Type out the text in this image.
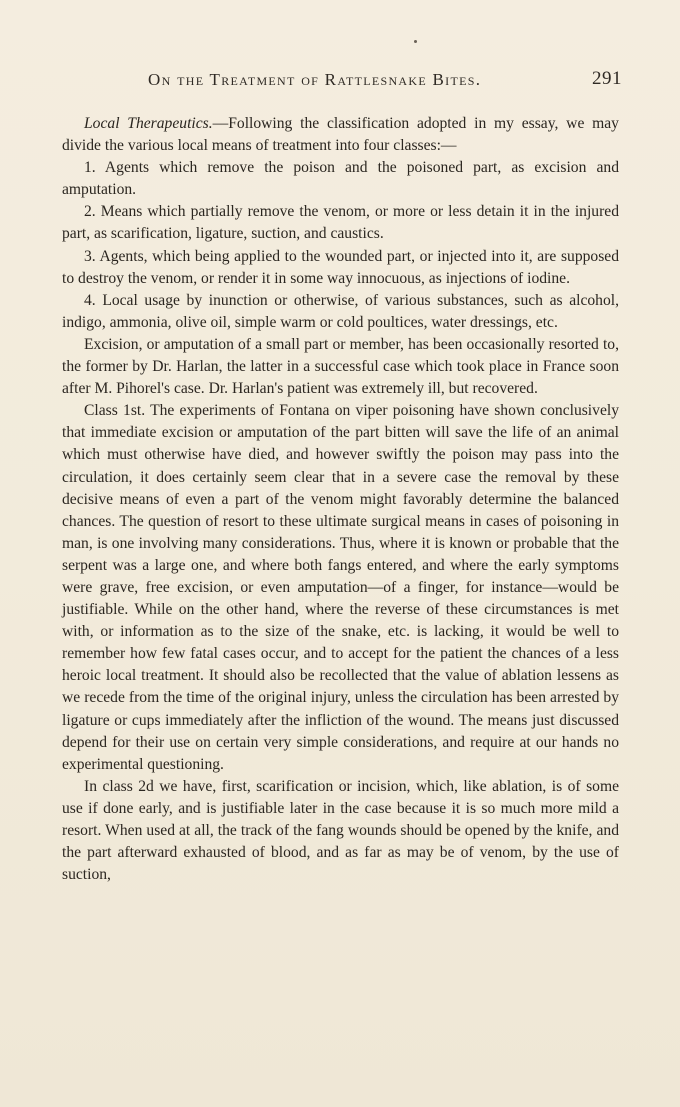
On the Treatment of Rattlesnake Bites.	291

Local Therapeutics.—Following the classification adopted in my essay, we may divide the various local means of treatment into four classes:—

1. Agents which remove the poison and the poisoned part, as excision and amputation.

2. Means which partially remove the venom, or more or less detain it in the injured part, as scarification, ligature, suction, and caustics.

3. Agents, which being applied to the wounded part, or injected into it, are supposed to destroy the venom, or render it in some way innocuous, as injections of iodine.

4. Local usage by inunction or otherwise, of various substances, such as alcohol, indigo, ammonia, olive oil, simple warm or cold poultices, water dressings, etc.

Excision, or amputation of a small part or member, has been occasionally resorted to, the former by Dr. Harlan, the latter in a successful case which took place in France soon after M. Pihorel's case. Dr. Harlan's patient was extremely ill, but recovered.

Class 1st. The experiments of Fontana on viper poisoning have shown conclusively that immediate excision or amputation of the part bitten will save the life of an animal which must otherwise have died, and however swiftly the poison may pass into the circulation, it does certainly seem clear that in a severe case the removal by these decisive means of even a part of the venom might favorably determine the balanced chances. The question of resort to these ultimate surgical means in cases of poisoning in man, is one involving many considerations. Thus, where it is known or probable that the serpent was a large one, and where both fangs entered, and where the early symptoms were grave, free excision, or even amputation—of a finger, for instance—would be justifiable. While on the other hand, where the reverse of these circumstances is met with, or information as to the size of the snake, etc. is lacking, it would be well to remember how few fatal cases occur, and to accept for the patient the chances of a less heroic local treatment. It should also be recollected that the value of ablation lessens as we recede from the time of the original injury, unless the circulation has been arrested by ligature or cups immediately after the infliction of the wound. The means just discussed depend for their use on certain very simple considerations, and require at our hands no experimental questioning.

In class 2d we have, first, scarification or incision, which, like ablation, is of some use if done early, and is justifiable later in the case because it is so much more mild a resort. When used at all, the track of the fang wounds should be opened by the knife, and the part afterward exhausted of blood, and as far as may be of venom, by the use of suction,
